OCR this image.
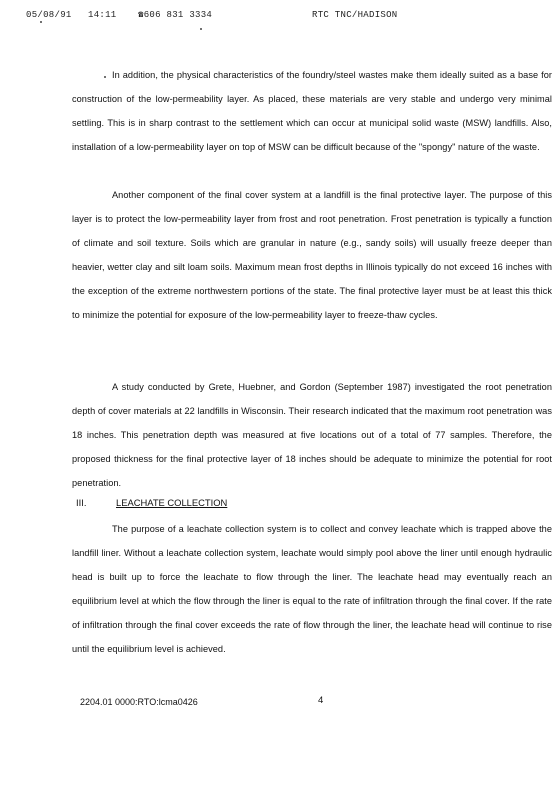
05/08/91 14:11 ☎606 831 3334	RTC TNC/HADISON

In addition, the physical characteristics of the foundry/steel wastes make them ideally suited as a base for construction of the low-permeability layer. As placed, these materials are very stable and undergo very minimal settling. This is in sharp contrast to the settlement which can occur at municipal solid waste (MSW) landfills. Also, installation of a low-permeability layer on top of MSW can be difficult because of the "spongy" nature of the waste.

Another component of the final cover system at a landfill is the final protective layer. The purpose of this layer is to protect the low-permeability layer from frost and root penetration. Frost penetration is typically a function of climate and soil texture. Soils which are granular in nature (e.g., sandy soils) will usually freeze deeper than heavier, wetter clay and silt loam soils. Maximum mean frost depths in Illinois typically do not exceed 16 inches with the exception of the extreme northwestern portions of the state. The final protective layer must be at least this thick to minimize the potential for exposure of the low-permeability layer to freeze-thaw cycles.

A study conducted by Grete, Huebner, and Gordon (September 1987) investigated the root penetration depth of cover materials at 22 landfills in Wisconsin. Their research indicated that the maximum root penetration was 18 inches. This penetration depth was measured at five locations out of a total of 77 samples. Therefore, the proposed thickness for the final protective layer of 18 inches should be adequate to minimize the potential for root penetration.

III.	LEACHATE COLLECTION

The purpose of a leachate collection system is to collect and convey leachate which is trapped above the landfill liner. Without a leachate collection system, leachate would simply pool above the liner until enough hydraulic head is built up to force the leachate to flow through the liner. The leachate head may eventually reach an equilibrium level at which the flow through the liner is equal to the rate of infiltration through the final cover. If the rate of infiltration through the final cover exceeds the rate of flow through the liner, the leachate head will continue to rise until the equilibrium level is achieved.

2204.01 0000:RTO:lcma0426	4
